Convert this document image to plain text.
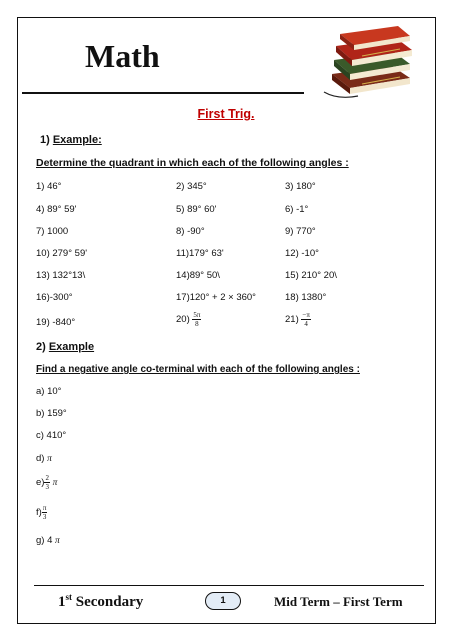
Math
First Trig.
1) Example:
Determine the quadrant in which each of the following angles :
1) 46°	2) 345°	3) 180°
4) 89° 59'	5) 89° 60'	6) -1°
7) 1000	8) -90°	9) 770°
10) 279° 59'	11)179° 63'	12) -10°
13) 132°13\	14)89° 50\	15) 210° 20\
16)-300°	17)120° + 2 × 360°	18) 1380°
19) -840°	$20) \frac{5\pi}{8}$	$21) \frac{-\pi}{4}$
2) Example
Find a negative angle co-terminal with each of the following angles :
a) 10°
b) 159°
c) 410°
d) π
$e) \frac{2}{3}$ π
$f) \frac{\pi}{3}$
g) 4 π
1st Secondary	1	Mid Term – First Term
